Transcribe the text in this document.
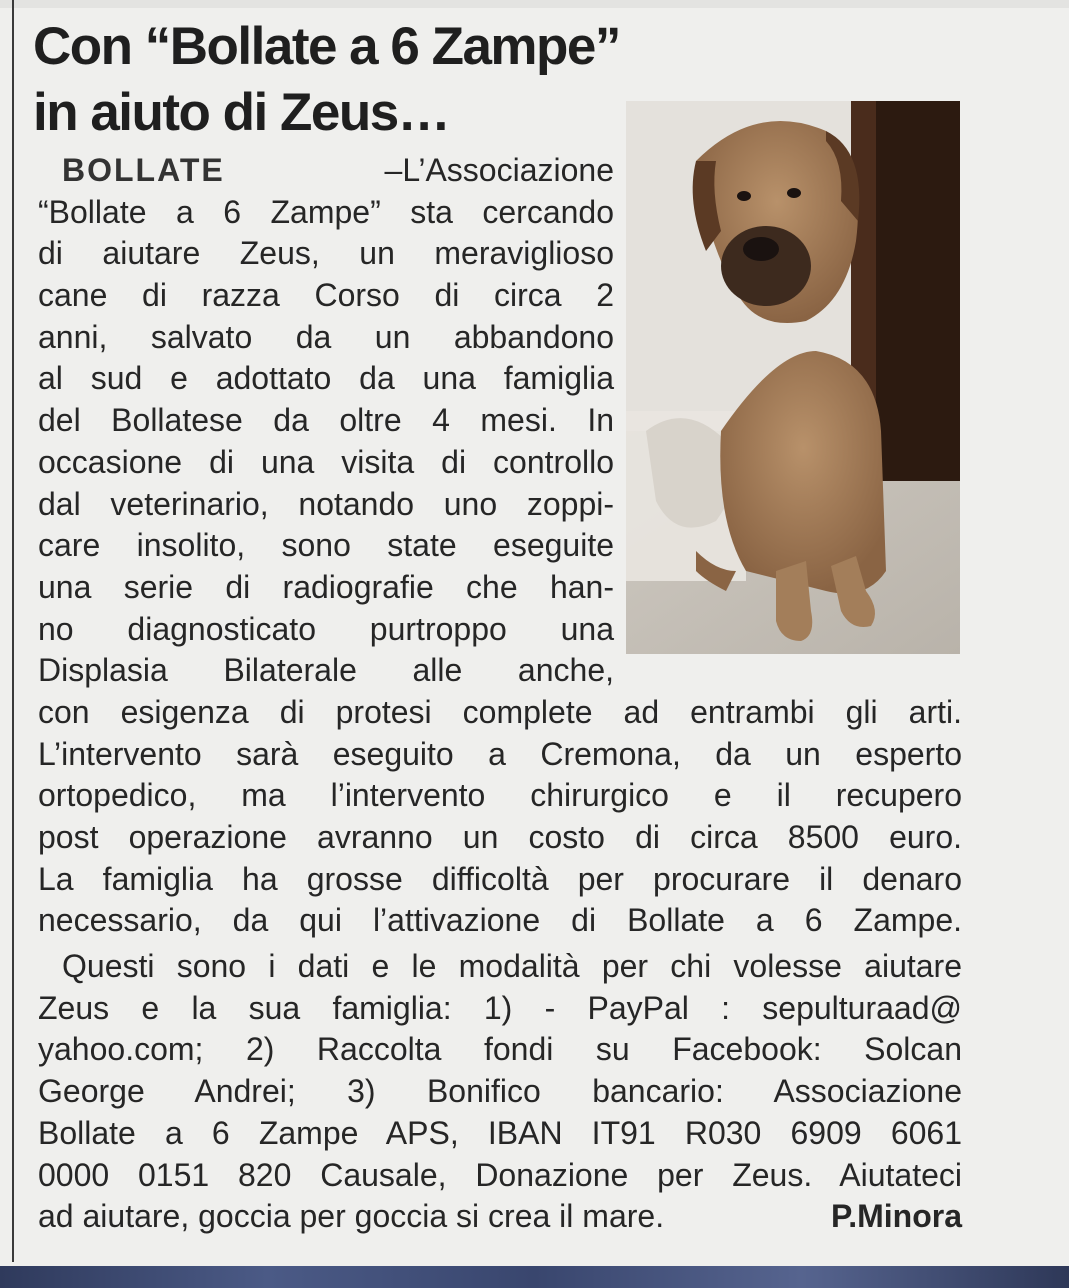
Con “Bollate a 6 Zampe”
in aiuto di Zeus…
BOLLATE	–L’Associazione
“Bollate a 6 Zampe” sta cercando
di aiutare Zeus, un meraviglioso
cane di razza Corso di circa 2
anni, salvato da un abbandono
al sud e adottato da una famiglia
del Bollatese da oltre 4 mesi. In
occasione di una visita di controllo
dal veterinario, notando uno zoppi-
care insolito, sono state eseguite
una serie di radiografie che han-
no diagnosticato purtroppo una
Displasia Bilaterale alle anche,
con esigenza di protesi complete ad entrambi gli arti.
L’intervento sarà eseguito a Cremona, da un esperto
ortopedico, ma l’intervento chirurgico e il recupero
post operazione avranno un costo di circa 8500 euro.
La famiglia ha grosse difficoltà per procurare il denaro
necessario, da qui l’attivazione di Bollate a 6 Zampe.
Questi sono i dati e le modalità per chi volesse aiutare
Zeus e la sua famiglia: 1) - PayPal : sepulturaad@
yahoo.com; 2) Raccolta fondi su Facebook: Solcan
George Andrei; 3) Bonifico bancario: Associazione
Bollate a 6 Zampe APS, IBAN IT91 R030 6909 6061
0000 0151 820 Causale, Donazione per Zeus. Aiutateci
ad aiutare, goccia per goccia si crea il mare.	P.Minora
